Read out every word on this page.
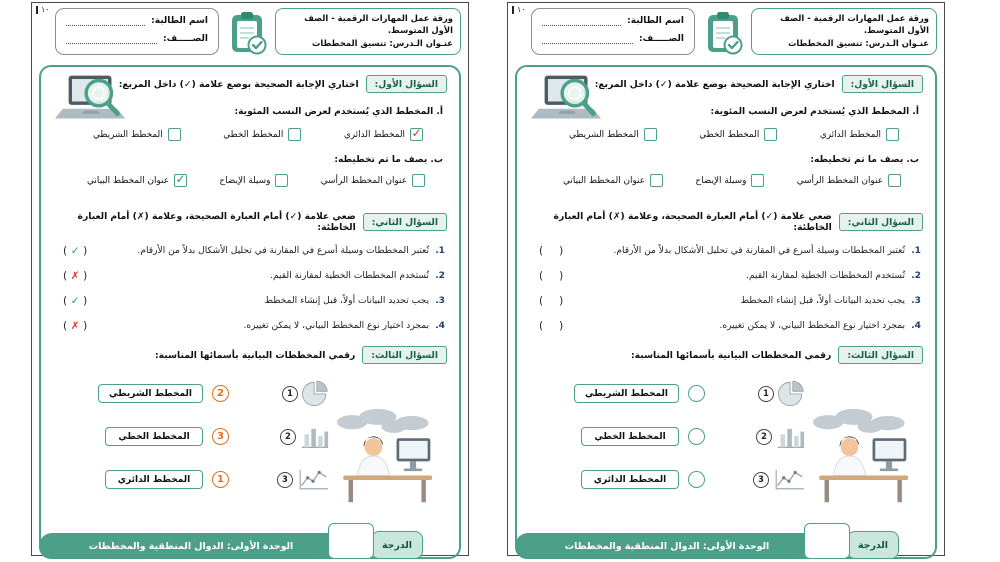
١٠
ورقة عمل المهارات الرقمية - الصف الأول المتوسط.
عنـوان الـدرس: تنسيق المخططات
اسم الطالبة:
الصـــــف:
السؤال الأول:
اختاري الإجابة الصحيحة بوضع علامة (✓) داخل المربع:
أ. المخطط الذي يُستخدم لعرض النسب المئوية:
✓
المخطط الدائري
المخطط الخطي
المخطط الشريطي
ب. يصف ما تم تخطيطه:
عنوان المخطط الرأسي
وسيلة الإيضاح
✓
عنوان المخطط البياني
السؤال الثاني:
ضعي علامة (✓) أمام العبارة الصحيحة، وعلامة (✗) أمام العبارة الخاطئة:
1.
تُعتبر المخططات وسيلة أسرع في المقارنة في تحليل الأشكال بدلاً من الأرقام.
( ✓ )
2.
تُستخدم المخططات الخطية لمقارنة القيم.
( ✗ )
3.
يجب تحديد البيانات أولاً، قبل إنشاء المخطط
( ✓ )
4.
بمجرد اختيار نوع المخطط البياني، لا يمكن تغييره.
( ✗ )
السؤال الثالث:
رقمي المخططات البيانية بأسمائها المناسبة:
1
2
المخطط الشريطي
2
3
المخطط الخطي
3
1
المخطط الدائري
الوحدة الأولى: الدوال المنطقية والمخططات	الدرجة
١٠
ورقة عمل المهارات الرقمية - الصف الأول المتوسط.
عنـوان الـدرس: تنسيق المخططات
اسم الطالبة:
الصـــــف:
السؤال الأول:
اختاري الإجابة الصحيحة بوضع علامة (✓) داخل المربع:
أ. المخطط الذي يُستخدم لعرض النسب المئوية:
المخطط الدائري
المخطط الخطي
المخطط الشريطي
ب. يصف ما تم تخطيطه:
عنوان المخطط الرأسي
وسيلة الإيضاح
عنوان المخطط البياني
السؤال الثاني:
ضعي علامة (✓) أمام العبارة الصحيحة، وعلامة (✗) أمام العبارة الخاطئة:
1.
تُعتبر المخططات وسيلة أسرع في المقارنة في تحليل الأشكال بدلاً من الأرقام.
( )
2.
تُستخدم المخططات الخطية لمقارنة القيم.
( )
3.
يجب تحديد البيانات أولاً، قبل إنشاء المخطط
( )
4.
بمجرد اختيار نوع المخطط البياني، لا يمكن تغييره.
( )
السؤال الثالث:
رقمي المخططات البيانية بأسمائها المناسبة:
1
المخطط الشريطي
2
المخطط الخطي
3
المخطط الدائري
الوحدة الأولى: الدوال المنطقية والمخططات	الدرجة
